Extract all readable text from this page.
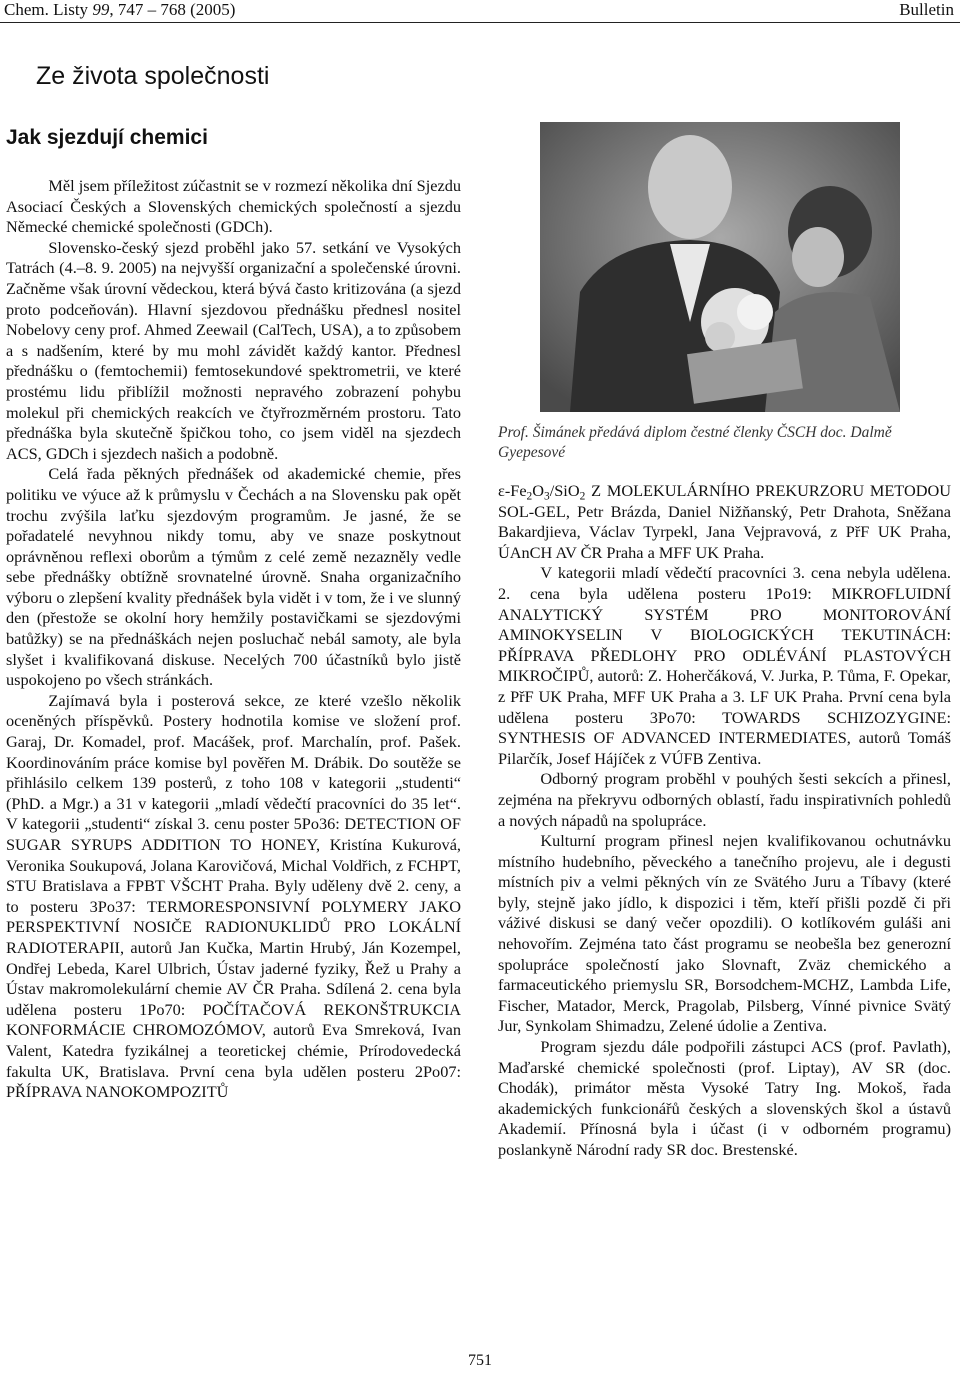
Chem. Listy 99, 747 – 768 (2005)	Bulletin
Ze života společnosti
Jak sjezdují chemici

Měl jsem příležitost zúčastnit se v rozmezí několika dní Sjezdu Asociací Českých a Slovenských chemických společností a sjezdu Německé chemické společnosti (GDCh).

Slovensko-český sjezd proběhl jako 57. setkání ve Vysokých Tatrách (4.–8. 9. 2005) na nejvyšší organizační a společenské úrovni. Začněme však úrovní vědeckou, která bývá často kritizována (a sjezd proto podceňován). Hlavní sjezdovou přednášku přednesl nositel Nobelovy ceny prof. Ahmed Zeewail (CalTech, USA), a to způsobem a s nadšením, které by mu mohl závidět každý kantor. Přednesl přednášku o (femtochemii) femtosekundové spektrometrii, ve které prostému lidu přiblížil možnosti nepravého zobrazení pohybu molekul při chemických reakcích ve čtyřrozměrném prostoru. Tato přednáška byla skutečně špičkou toho, co jsem viděl na sjezdech ACS, GDCh i sjezdech našich a podobně.

Celá řada pěkných přednášek od akademické chemie, přes politiku ve výuce až k průmyslu v Čechách a na Slovensku pak opět trochu zvýšila laťku sjezdovým programům. Je jasné, že se pořadatelé nevyhnou nikdy tomu, aby ve snaze poskytnout oprávněnou reflexi oborům a týmům z celé země nezazněly vedle sebe přednášky obtížně srovnatelné úrovně. Snaha organizačního výboru o zlepšení kvality přednášek byla vidět i v tom, že i ve slunný den (přestože se okolní hory hemžily postavičkami se sjezdovými batůžky) se na přednáškách nejen posluchač nebál samoty, ale byla slyšet i kvalifikovaná diskuse. Necelých 700 účastníků bylo jistě uspokojeno po všech stránkách.

Zajímavá byla i posterová sekce, ze které vzešlo několik oceněných příspěvků. Postery hodnotila komise ve složení prof. Garaj, Dr. Komadel, prof. Macášek, prof. Marchalín, prof. Pašek. Koordinováním práce komise byl pověřen M. Drábik. Do soutěže se přihlásilo celkem 139 posterů, z toho 108 v kategorii „studenti“ (PhD. a Mgr.) a 31 v kategorii „mladí vědečtí pracovníci do 35 let“. V kategorii „studenti“ získal 3. cenu poster 5Po36: DETECTION OF SUGAR SYRUPS ADDITION TO HONEY, Kristína Kukurová, Veronika Soukupová, Jolana Karovičová, Michal Voldřich, z FCHPT, STU Bratislava a FPBT VŠCHT Praha. Byly uděleny dvě 2. ceny, a to posteru 3Po37: TERMORESPONSIVNÍ POLYMERY JAKO PERSPEKTIVNÍ NOSIČE RADIONUKLIDŮ PRO LOKÁLNÍ RADIOTERAPII, autorů Jan Kučka, Martin Hrubý, Ján Kozempel, Ondřej Lebeda, Karel Ulbrich, Ústav jaderné fyziky, Řež u Prahy a Ústav makromolekulární chemie AV ČR Praha. Sdílená 2. cena byla udělena posteru 1Po70: POČÍTAČOVÁ REKONŠTRUKCIA KONFORMÁCIE CHROMOZÓMOV, autorů Eva Smreková, Ivan Valent, Katedra fyzikálnej a teoretickej chémie, Prírodovedecká fakulta UK, Bratislava. První cena byla udělen posteru 2Po07: PŘÍPRAVA NANOKOMPOZITŮ

Prof. Šimánek předává diplom čestné členky ČSCH doc. Dalmě Gyepesové

$\varepsilon-Fe_2O_3/SiO_2$ Z MOLEKULÁRNÍHO PREKURZORU METODOU SOL-GEL, Petr Brázda, Daniel Nižňanský, Petr Drahota, Sněžana Bakardjieva, Václav Tyrpekl, Jana Vejpravová, z PřF UK Praha, ÚAnCH AV ČR Praha a MFF UK Praha.

V kategorii mladí vědečtí pracovníci 3. cena nebyla udělena. 2. cena byla udělena posteru 1Po19: MIKROFLUIDNÍ ANALYTICKÝ SYSTÉM PRO MONITOROVÁNÍ AMINOKYSELIN V BIOLOGICKÝCH TEKUTINÁCH: PŘÍPRAVA PŘEDLOHY PRO ODLÉVÁNÍ PLASTOVÝCH MIKROČIPŮ, autorů: Z. Hoherčáková, V. Jurka, P. Tůma, F. Opekar, z PřF UK Praha, MFF UK Praha a 3. LF UK Praha. První cena byla udělena posteru 3Po70: TOWARDS SCHIZOZYGINE: SYNTHESIS OF ADVANCED INTERMEDIATES, autorů Tomáš Pilarčík, Josef Hájíček z VÚFB Zentiva.

Odborný program proběhl v pouhých šesti sekcích a přinesl, zejména na překryvu odborných oblastí, řadu inspirativních pohledů a nových nápadů na spolupráce.

Kulturní program přinesl nejen kvalifikovanou ochutnávku místního hudebního, pěveckého a tanečního projevu, ale i degusti místních piv a velmi pěkných vín ze Svätého Juru a Tíbavy (které byly, stejně jako jídlo, k dispozici i těm, kteří přišli pozdě či při váživé diskusi se daný večer opozdili). O kotlíkovém guláši ani nehovořím. Zejména tato část programu se neobešla bez generozní spolupráce společností jako Slovnaft, Zväz chemického a farmaceutického priemyslu SR, Borsodchem-MCHZ, Lambda Life, Fischer, Matador, Merck, Pragolab, Pilsberg, Vínné pivnice Svätý Jur, Synkolam Shimadzu, Zelené údolie a Zentiva.

Program sjezdu dále podpořili zástupci ACS (prof. Pavlath), Maďarské chemické společnosti (prof. Liptay), AV SR (doc. Chodák), primátor města Vysoké Tatry Ing. Mokoš, řada akademických funkcionářů českých a slovenských škol a ústavů Akademií. Přínosná byla i účast (i v odborném programu) poslankyně Národní rady SR doc. Brestenské.

751
